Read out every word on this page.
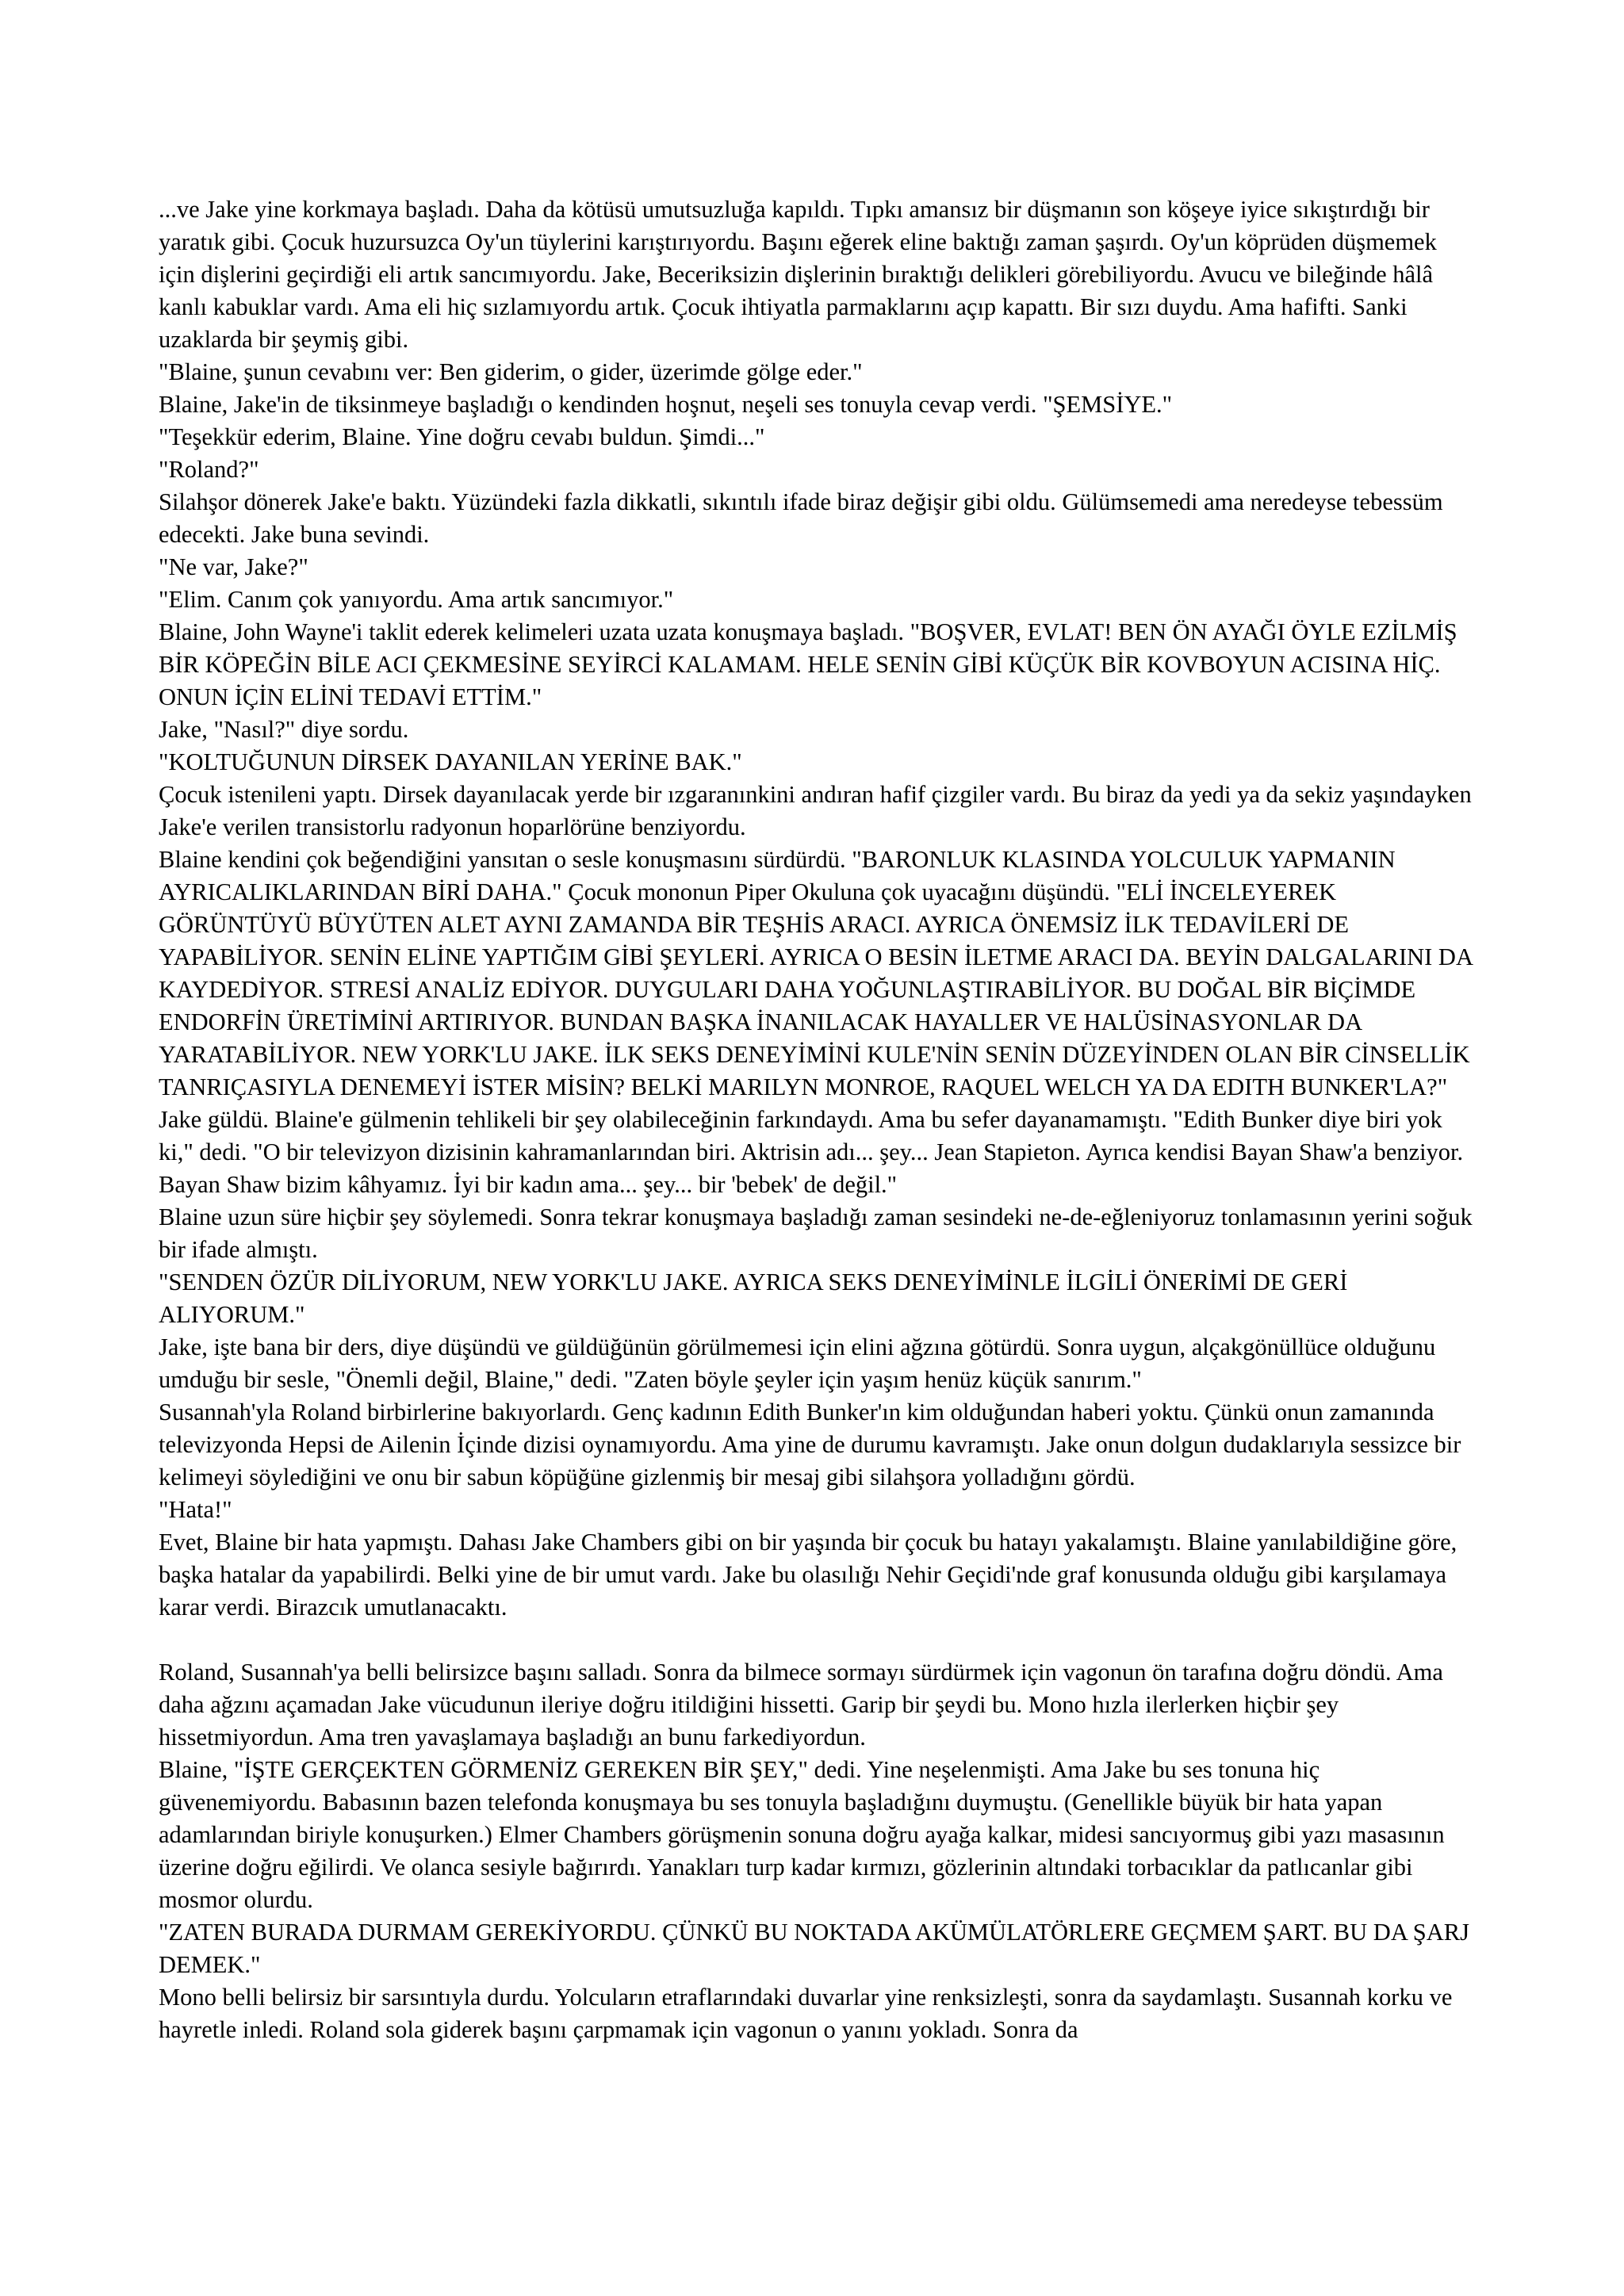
...ve Jake yine korkmaya başladı. Daha da kötüsü umutsuzluğa kapıldı. Tıpkı amansız bir düşmanın son köşeye iyice sıkıştırdığı bir yaratık gibi. Çocuk huzursuzca Oy'un tüylerini karıştırıyordu. Başını eğerek eline baktığı zaman şaşırdı. Oy'un köprüden düşmemek için dişlerini geçirdiği eli artık sancımıyordu. Jake, Beceriksizin dişlerinin bıraktığı delikleri görebiliyordu. Avucu ve bileğinde hâlâ kanlı kabuklar vardı. Ama eli hiç sızlamıyordu artık. Çocuk ihtiyatla parmaklarını açıp kapattı. Bir sızı duydu. Ama hafifti. Sanki uzaklarda bir şeymiş gibi.

"Blaine, şunun cevabını ver: Ben giderim, o gider, üzerimde gölge eder."

Blaine, Jake'in de tiksinmeye başladığı o kendinden hoşnut, neşeli ses tonuyla cevap verdi. "ŞEMSİYE."

"Teşekkür ederim, Blaine. Yine doğru cevabı buldun. Şimdi..."

"Roland?"

Silahşor dönerek Jake'e baktı. Yüzündeki fazla dikkatli, sıkıntılı ifade biraz değişir gibi oldu. Gülümsemedi ama neredeyse tebessüm edecekti. Jake buna sevindi.

"Ne var, Jake?"

"Elim. Canım çok yanıyordu. Ama artık sancımıyor."

Blaine, John Wayne'i taklit ederek kelimeleri uzata uzata konuşmaya başladı. "BOŞVER, EVLAT! BEN ÖN AYAĞI ÖYLE EZİLMİŞ BİR KÖPEĞİN BİLE ACI ÇEKMESİNE SEYİRCİ KALAMAM. HELE SENİN GİBİ KÜÇÜK BİR KOVBOYUN ACISINA HİÇ. ONUN İÇİN ELİNİ TEDAVİ ETTİM."

Jake, "Nasıl?" diye sordu.

"KOLTUĞUNUN DİRSEK DAYANILAN YERİNE BAK."

Çocuk istenileni yaptı. Dirsek dayanılacak yerde bir ızgaranınkini andıran hafif çizgiler vardı. Bu biraz da yedi ya da sekiz yaşındayken Jake'e verilen transistorlu radyonun hoparlörüne benziyordu.

Blaine kendini çok beğendiğini yansıtan o sesle konuşmasını sürdürdü. "BARONLUK KLASINDA YOLCULUK YAPMANIN AYRICALIKLARINDAN BİRİ DAHA." Çocuk mononun Piper Okuluna çok uyacağını düşündü. "ELİ İNCELEYEREK GÖRÜNTÜYÜ BÜYÜTEN ALET AYNI ZAMANDA BİR TEŞHİS ARACI. AYRICA ÖNEMSİZ İLK TEDAVİLERİ DE YAPABİLİYOR. SENİN ELİNE YAPTIĞIM GİBİ ŞEYLERİ. AYRICA O BESİN İLETME ARACI DA. BEYİN DALGALARINI DA KAYDEDİYOR. STRESİ ANALİZ EDİYOR. DUYGULARI DAHA YOĞUNLAŞTIRABİLİYOR. BU DOĞAL BİR BİÇİMDE ENDORFİN ÜRETİMİNİ ARTIRIYOR. BUNDAN BAŞKA İNANILACAK HAYALLER VE HALÜSİNASYONLAR DA YARATABİLİYOR. NEW YORK'LU JAKE. İLK SEKS DENEYİMİNİ KULE'NİN SENİN DÜZEYİNDEN OLAN BİR CİNSELLİK TANRIÇASIYLA DENEMEYİ İSTER MİSİN? BELKİ MARILYN MONROE, RAQUEL WELCH YA DA EDITH BUNKER'LA?"

Jake güldü. Blaine'e gülmenin tehlikeli bir şey olabileceğinin farkındaydı. Ama bu sefer dayanamamıştı. "Edith Bunker diye biri yok ki," dedi. "O bir televizyon dizisinin kahramanlarından biri. Aktrisin adı... şey... Jean Stapieton. Ayrıca kendisi Bayan Shaw'a benziyor. Bayan Shaw bizim kâhyamız. İyi bir kadın ama... şey... bir 'bebek' de değil."

Blaine uzun süre hiçbir şey söylemedi. Sonra tekrar konuşmaya başladığı zaman sesindeki ne-de-eğleniyoruz tonlamasının yerini soğuk bir ifade almıştı.

"SENDEN ÖZÜR DİLİYORUM, NEW YORK'LU JAKE. AYRICA SEKS DENEYİMİNLE İLGİLİ ÖNERİMİ DE GERİ ALIYORUM."

Jake, işte bana bir ders, diye düşündü ve güldüğünün görülmemesi için elini ağzına götürdü. Sonra uygun, alçakgönüllüce olduğunu umduğu bir sesle, "Önemli değil, Blaine," dedi. "Zaten böyle şeyler için yaşım henüz küçük sanırım."

Susannah'yla Roland birbirlerine bakıyorlardı. Genç kadının Edith Bunker'ın kim olduğundan haberi yoktu. Çünkü onun zamanında televizyonda Hepsi de Ailenin İçinde dizisi oynamıyordu. Ama yine de durumu kavramıştı. Jake onun dolgun dudaklarıyla sessizce bir kelimeyi söylediğini ve onu bir sabun köpüğüne gizlenmiş bir mesaj gibi silahşora yolladığını gördü.

"Hata!"

Evet, Blaine bir hata yapmıştı. Dahası Jake Chambers gibi on bir yaşında bir çocuk bu hatayı yakalamıştı. Blaine yanılabildiğine göre, başka hatalar da yapabilirdi. Belki yine de bir umut vardı. Jake bu olasılığı Nehir Geçidi'nde graf konusunda olduğu gibi karşılamaya karar verdi. Birazcık umutlanacaktı.

Roland, Susannah'ya belli belirsizce başını salladı. Sonra da bilmece sormayı sürdürmek için vagonun ön tarafına doğru döndü. Ama daha ağzını açamadan Jake vücudunun ileriye doğru itildiğini hissetti. Garip bir şeydi bu. Mono hızla ilerlerken hiçbir şey hissetmiyordun. Ama tren yavaşlamaya başladığı an bunu farkediyordun.

Blaine, "İŞTE GERÇEKTEN GÖRMENİZ GEREKEN BİR ŞEY," dedi. Yine neşelenmişti. Ama Jake bu ses tonuna hiç güvenemiyordu. Babasının bazen telefonda konuşmaya bu ses tonuyla başladığını duymuştu. (Genellikle büyük bir hata yapan adamlarından biriyle konuşurken.) Elmer Chambers görüşmenin sonuna doğru ayağa kalkar, midesi sancıyormuş gibi yazı masasının üzerine doğru eğilirdi. Ve olanca sesiyle bağırırdı. Yanakları turp kadar kırmızı, gözlerinin altındaki torbacıklar da patlıcanlar gibi mosmor olurdu.

"ZATEN BURADA DURMAM GEREKİYORDU. ÇÜNKÜ BU NOKTADA AKÜMÜLATÖRLERE GEÇMEM ŞART. BU DA ŞARJ DEMEK."

Mono belli belirsiz bir sarsıntıyla durdu. Yolcuların etraflarındaki duvarlar yine renksizleşti, sonra da saydamlaştı. Susannah korku ve hayretle inledi. Roland sola giderek başını çarpmamak için vagonun o yanını yokladı. Sonra da
